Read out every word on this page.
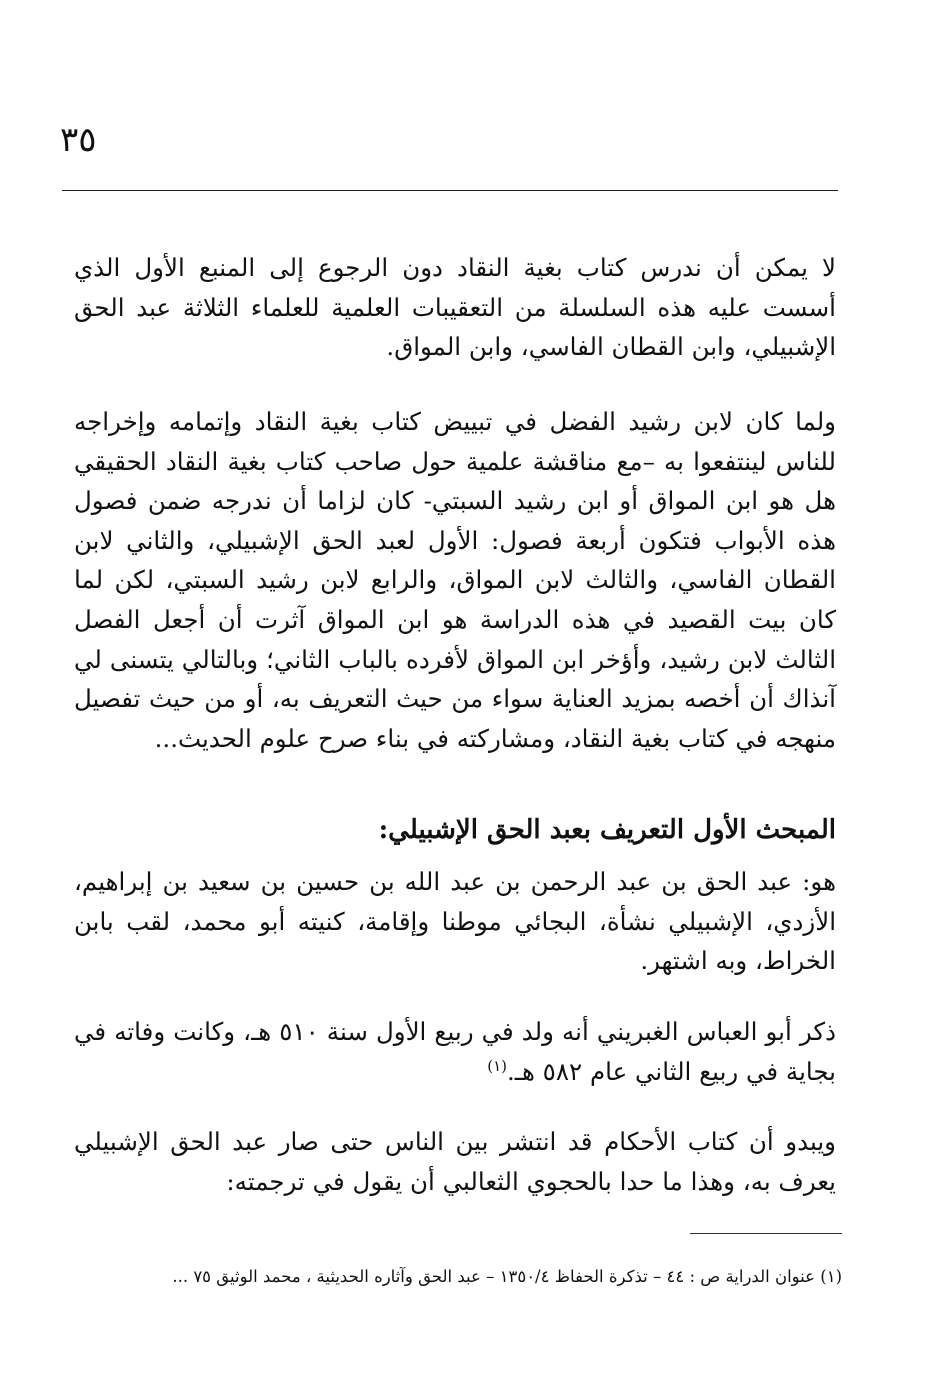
٣٥

لا يمكن أن ندرس كتاب بغية النقاد دون الرجوع إلى المنبع الأول الذي أسست عليه هذه السلسلة من التعقيبات العلمية للعلماء الثلاثة عبد الحق الإشبيلي، وابن القطان الفاسي، وابن المواق.

ولما كان لابن رشيد الفضل في تبييض كتاب بغية النقاد وإتمامه وإخراجه للناس لينتفعوا به –مع مناقشة علمية حول صاحب كتاب بغية النقاد الحقيقي هل هو ابن المواق أو ابن رشيد السبتي- كان لزاما أن ندرجه ضمن فصول هذه الأبواب فتكون أربعة فصول: الأول لعبد الحق الإشبيلي، والثاني لابن القطان الفاسي، والثالث لابن المواق، والرابع لابن رشيد السبتي، لكن لما كان بيت القصيد في هذه الدراسة هو ابن المواق آثرت أن أجعل الفصل الثالث لابن رشيد، وأؤخر ابن المواق لأفرده بالباب الثاني؛ وبالتالي يتسنى لي آنذاك أن أخصه بمزيد العناية سواء من حيث التعريف به، أو من حيث تفصيل منهجه في كتاب بغية النقاد، ومشاركته في بناء صرح علوم الحديث...

المبحث الأول التعريف بعبد الحق الإشبيلي:

هو: عبد الحق بن عبد الرحمن بن عبد الله بن حسين بن سعيد بن إبراهيم، الأزدي، الإشبيلي نشأة، البجائي موطنا وإقامة، كنيته أبو محمد، لقب بابن الخراط، وبه اشتهر.

ذكر أبو العباس الغبريني أنه ولد في ربيع الأول سنة ٥١٠ هـ، وكانت وفاته في بجاية في ربيع الثاني عام ٥٨٢ هـ.$^{(١)}$

ويبدو أن كتاب الأحكام قد انتشر بين الناس حتى صار عبد الحق الإشبيلي يعرف به، وهذا ما حدا بالحجوي الثعالبي أن يقول في ترجمته:

(١) عنوان الدراية ص : ٤٤ – تذكرة الحفاظ ١٣٥٠/٤ – عبد الحق وآثاره الحديثية ، محمد الوثيق ٧٥ ...
